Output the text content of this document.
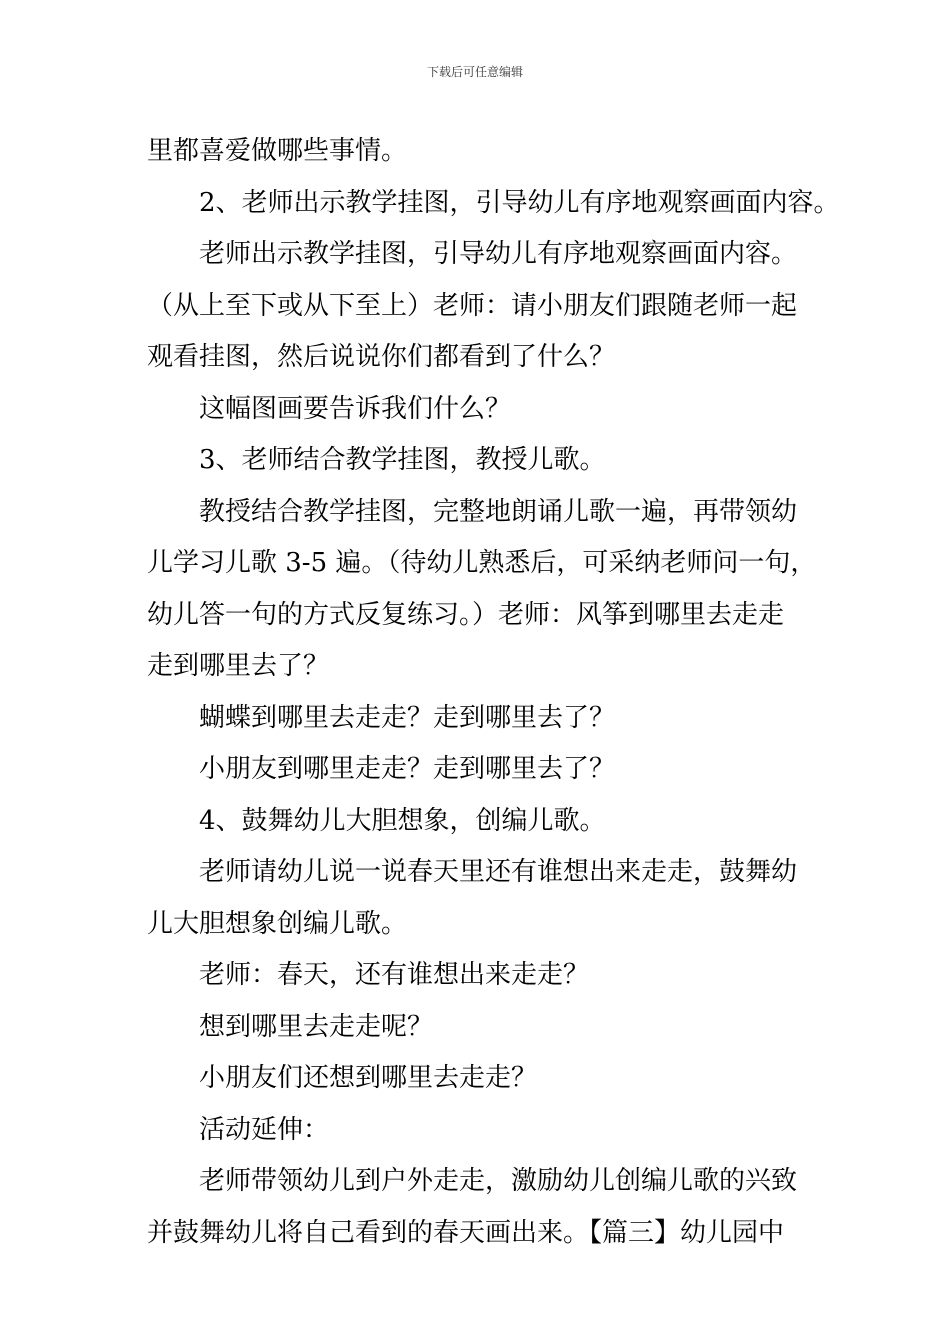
下载后可任意编辑
里都喜爱做哪些事情。
2、老师出示教学挂图，引导幼儿有序地观察画面内容。
老师出示教学挂图，引导幼儿有序地观察画面内容。
（从上至下或从下至上）老师：请小朋友们跟随老师一起
观看挂图，然后说说你们都看到了什么？
这幅图画要告诉我们什么？
3、老师结合教学挂图，教授儿歌。
教授结合教学挂图，完整地朗诵儿歌一遍，再带领幼
儿学习儿歌 3-5 遍。（待幼儿熟悉后，可采纳老师问一句，
幼儿答一句的方式反复练习。）老师：风筝到哪里去走走
走到哪里去了？
蝴蝶到哪里去走走？走到哪里去了？
小朋友到哪里走走？走到哪里去了？
4、鼓舞幼儿大胆想象，创编儿歌。
老师请幼儿说一说春天里还有谁想出来走走，鼓舞幼
儿大胆想象创编儿歌。
老师：春天，还有谁想出来走走？
想到哪里去走走呢？
小朋友们还想到哪里去走走？
活动延伸：
老师带领幼儿到户外走走，激励幼儿创编儿歌的兴致
并鼓舞幼儿将自己看到的春天画出来。【篇三】幼儿园中
